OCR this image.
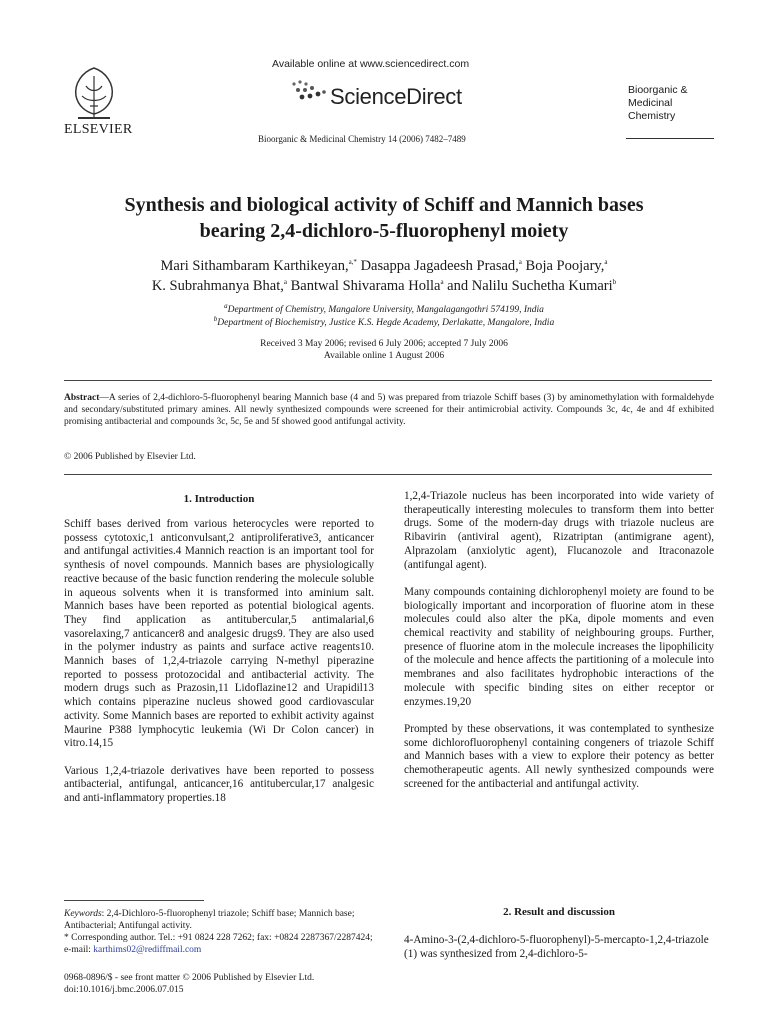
ELSEVIER
Available online at www.sciencedirect.com
ScienceDirect
Bioorganic & Medicinal Chemistry 14 (2006) 7482–7489
Bioorganic &
Medicinal
Chemistry
Synthesis and biological activity of Schiff and Mannich bases
bearing 2,4-dichloro-5-fluorophenyl moiety
Mari Sithambaram Karthikeyan,$^{a,*}$ Dasappa Jagadeesh Prasad,$^a$ Boja Poojary,$^a$
K. Subrahmanya Bhat,$^a$ Bantwal Shivarama Holla$^a$ and Nalilu Suchetha Kumari$^b$
$^a$Department of Chemistry, Mangalore University, Mangalagangothri 574199, India
$^b$Department of Biochemistry, Justice K.S. Hegde Academy, Derlakatte, Mangalore, India
Received 3 May 2006; revised 6 July 2006; accepted 7 July 2006
Available online 1 August 2006
Abstract—A series of 2,4-dichloro-5-fluorophenyl bearing Mannich base (4 and 5) was prepared from triazole Schiff bases (3) by aminomethylation with formaldehyde and secondary/substituted primary amines. All newly synthesized compounds were screened for their antimicrobial activity. Compounds 3c, 4c, 4e and 4f exhibited promising antibacterial and compounds 3c, 5c, 5e and 5f showed good antifungal activity.
© 2006 Published by Elsevier Ltd.
1. Introduction

Schiff bases derived from various heterocycles were reported to possess cytotoxic,1 anticonvulsant,2 antiproliferative3, anticancer and antifungal activities.4 Mannich reaction is an important tool for synthesis of novel compounds. Mannich bases are physiologically reactive because of the basic function rendering the molecule soluble in aqueous solvents when it is transformed into aminium salt. Mannich bases have been reported as potential biological agents. They find application as antitubercular,5 antimalarial,6 vasorelaxing,7 anticancer8 and analgesic drugs9. They are also used in the polymer industry as paints and surface active reagents10. Mannich bases of 1,2,4-triazole carrying N-methyl piperazine reported to possess protozocidal and antibacterial activity. The modern drugs such as Prazosin,11 Lidoflazine12 and Urapidil13 which contains piperazine nucleus showed good cardiovascular activity. Some Mannich bases are reported to exhibit activity against Maurine P388 lymphocytic leukemia (Wi Dr Colon cancer) in vitro.14,15

Various 1,2,4-triazole derivatives have been reported to possess antibacterial, antifungal, anticancer,16 antitubercular,17 analgesic and anti-inflammatory properties.18

Keywords: 2,4-Dichloro-5-fluorophenyl triazole; Schiff base; Mannich base; Antibacterial; Antifungal activity.
* Corresponding author. Tel.: +91 0824 228 7262; fax: +0824 2287367/2287424; e-mail: karthims02@rediffmail.com
0968-0896/$ - see front matter © 2006 Published by Elsevier Ltd.
doi:10.1016/j.bmc.2006.07.015

1,2,4-Triazole nucleus has been incorporated into wide variety of therapeutically interesting molecules to transform them into better drugs. Some of the modern-day drugs with triazole nucleus are Ribavirin (antiviral agent), Rizatriptan (antimigrane agent), Alprazolam (anxiolytic agent), Flucanozole and Itraconazole (antifungal agent).

Many compounds containing dichlorophenyl moiety are found to be biologically important and incorporation of fluorine atom in these molecules could also alter the pKa, dipole moments and even chemical reactivity and stability of neighbouring groups. Further, presence of fluorine atom in the molecule increases the lipophilicity of the molecule and hence affects the partitioning of a molecule into membranes and also facilitates hydrophobic interactions of the molecule with specific binding sites on either receptor or enzymes.19,20

Prompted by these observations, it was contemplated to synthesize some dichlorofluorophenyl containing congeners of triazole Schiff and Mannich bases with a view to explore their potency as better chemotherapeutic agents. All newly synthesized compounds were screened for the antibacterial and antifungal activity.

2. Result and discussion

4-Amino-3-(2,4-dichloro-5-fluorophenyl)-5-mercapto-1,2,4-triazole (1) was synthesized from 2,4-dichloro-5-
